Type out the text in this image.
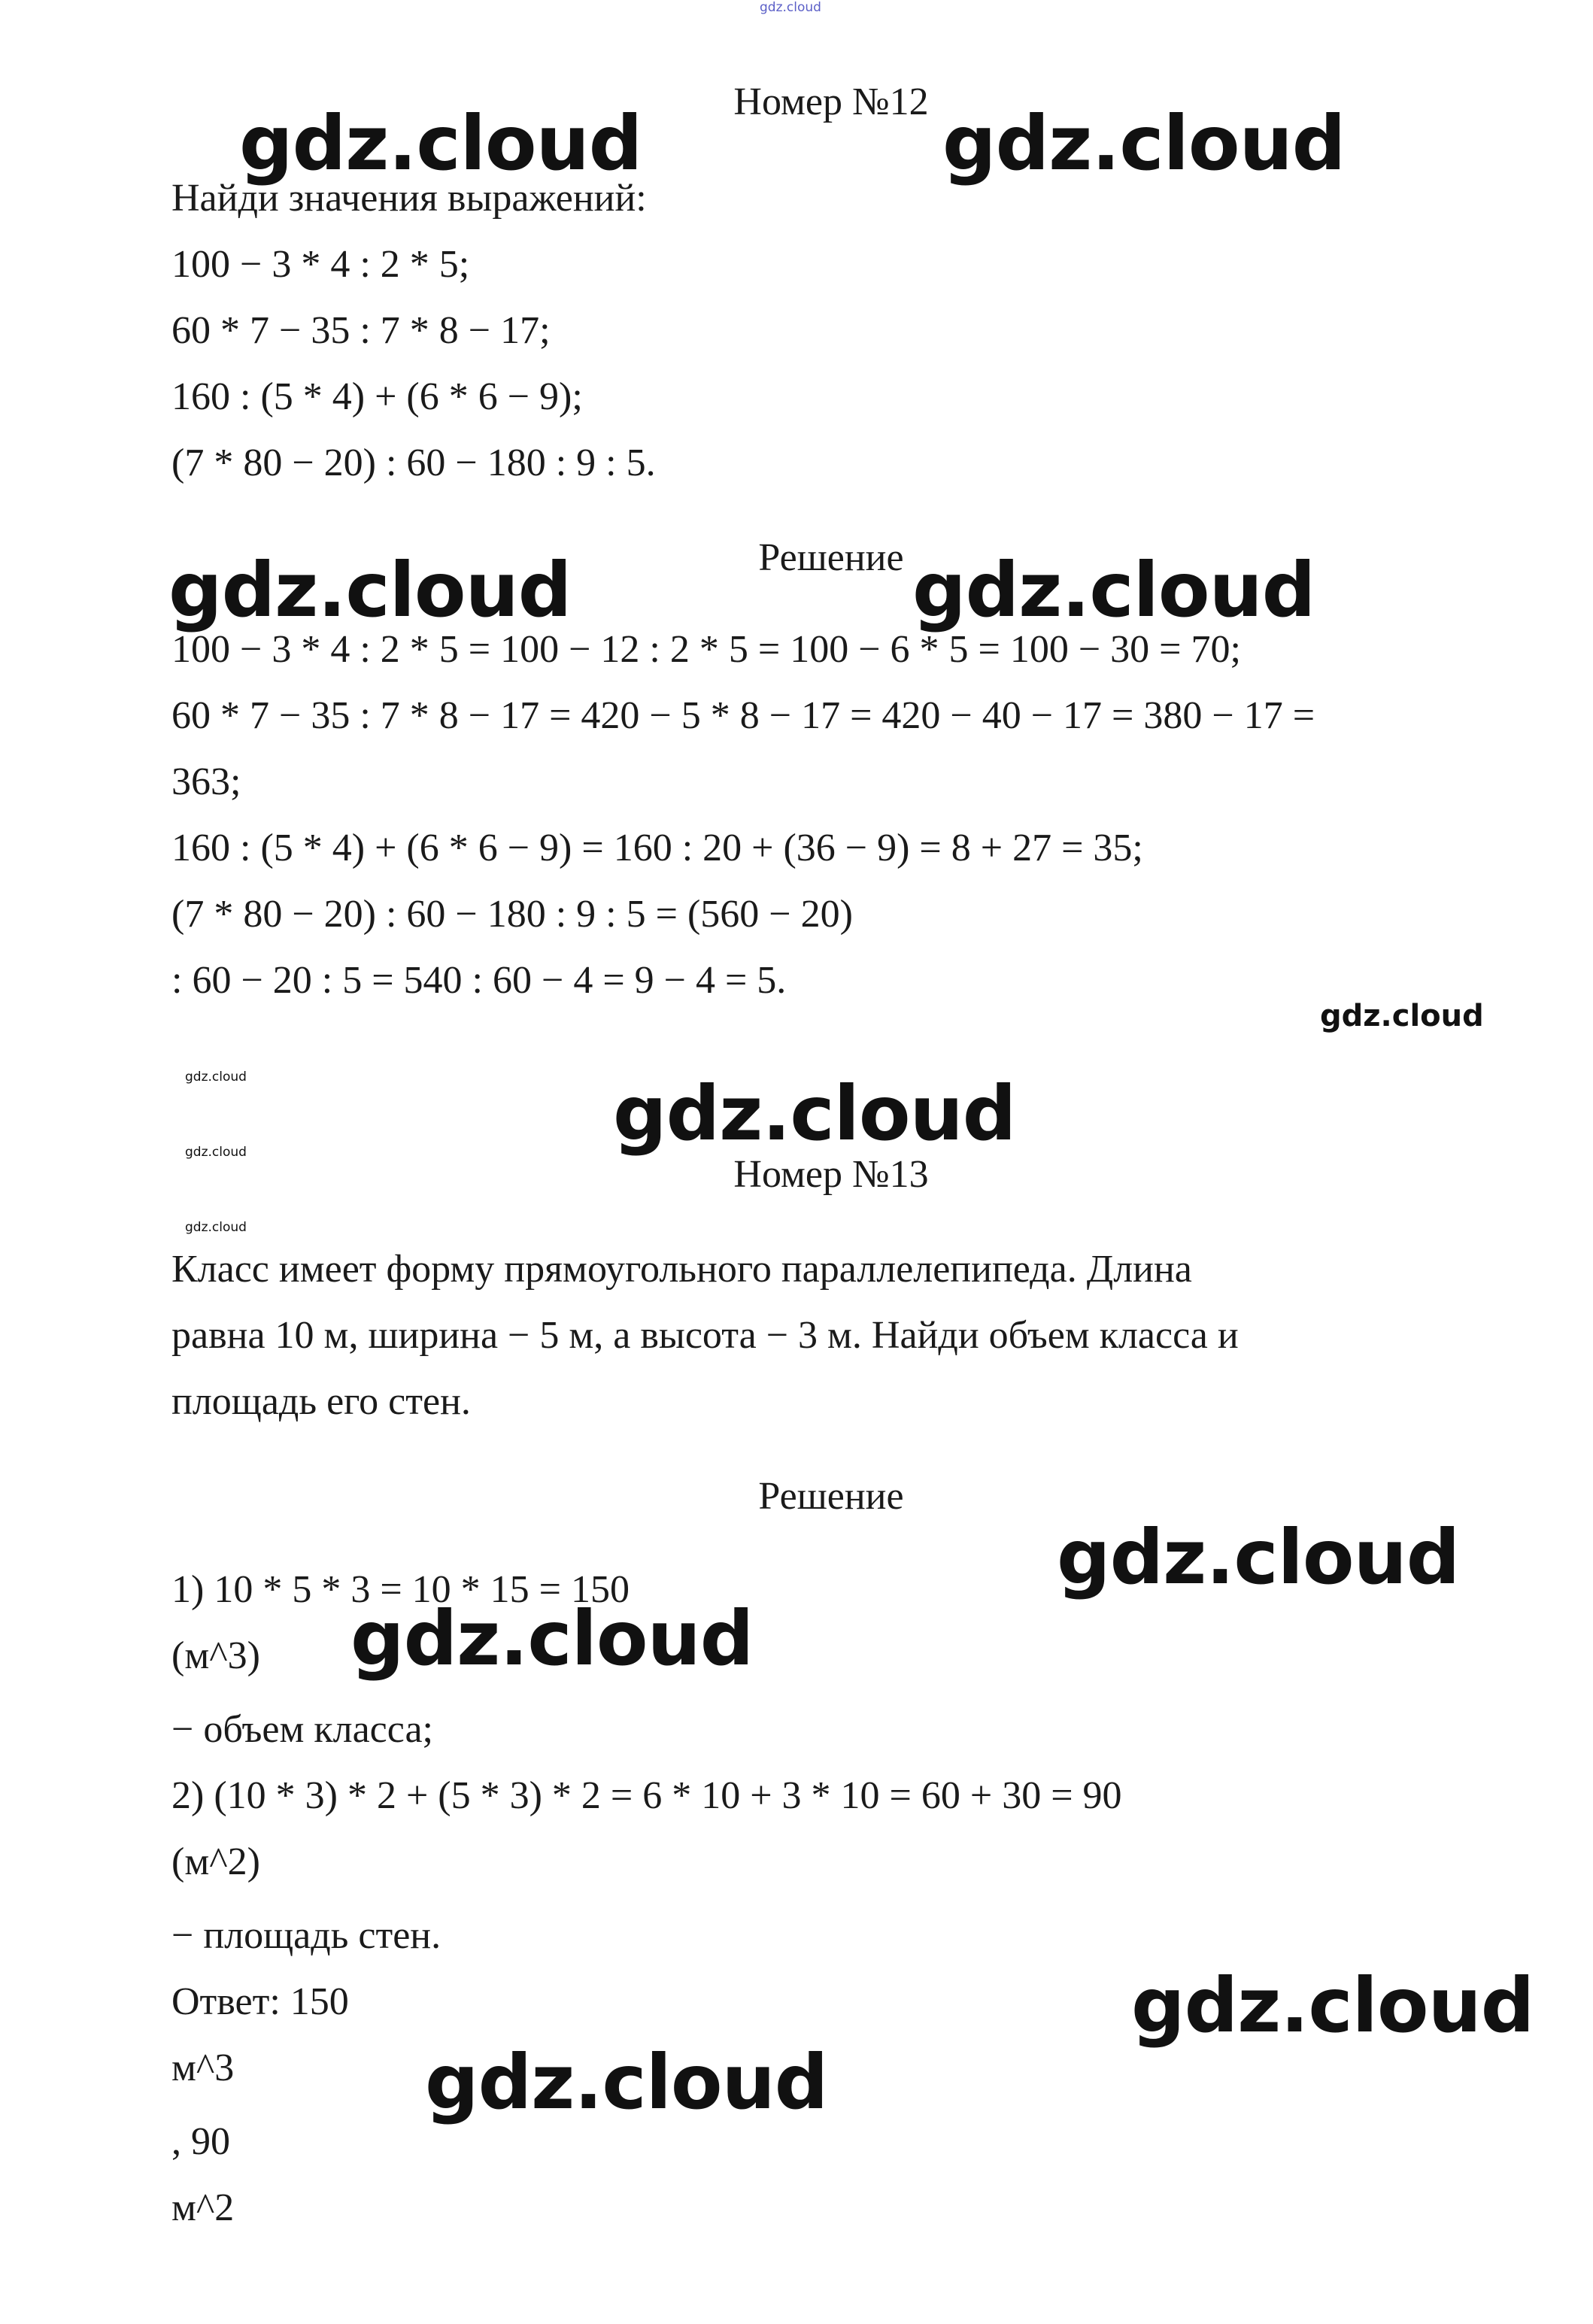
gdz.cloud
Номер №12
gdz.cloud	gdz.cloud
Найди значения выражений:
100 − 3 * 4 : 2 * 5;
60 * 7 − 35 : 7 * 8 − 17;
160 : (5 * 4) + (6 * 6 − 9);
(7 * 80 − 20) : 60 − 180 : 9 : 5.
Решение
gdz.cloud	gdz.cloud
100 − 3 * 4 : 2 * 5 = 100 − 12 : 2 * 5 = 100 − 6 * 5 = 100 − 30 = 70;
60 * 7 − 35 : 7 * 8 − 17 = 420 − 5 * 8 − 17 = 420 − 40 − 17 = 380 − 17 =
363;
160 : (5 * 4) + (6 * 6 − 9) = 160 : 20 + (36 − 9) = 8 + 27 = 35;
(7 * 80 − 20) : 60 − 180 : 9 : 5 = (560 − 20)
: 60 − 20 : 5 = 540 : 60 − 4 = 9 − 4 = 5.
gdz.cloud
gdz.cloud
gdz.cloud
gdz.cloud
gdz.cloud
Номер №13
Класс имеет форму прямоугольного параллелепипеда. Длина
равна 10 м, ширина − 5 м, а высота − 3 м. Найди объем класса и
площадь его стен.
Решение
gdz.cloud
1) 10 * 5 * 3 = 10 * 15 = 150
gdz.cloud
(м^3)
− объем класса;
2) (10 * 3) * 2 + (5 * 3) * 2 = 6 * 10 + 3 * 10 = 60 + 30 = 90
(м^2)
− площадь стен.
Ответ: 150	gdz.cloud
м^3	gdz.cloud
, 90
м^2
